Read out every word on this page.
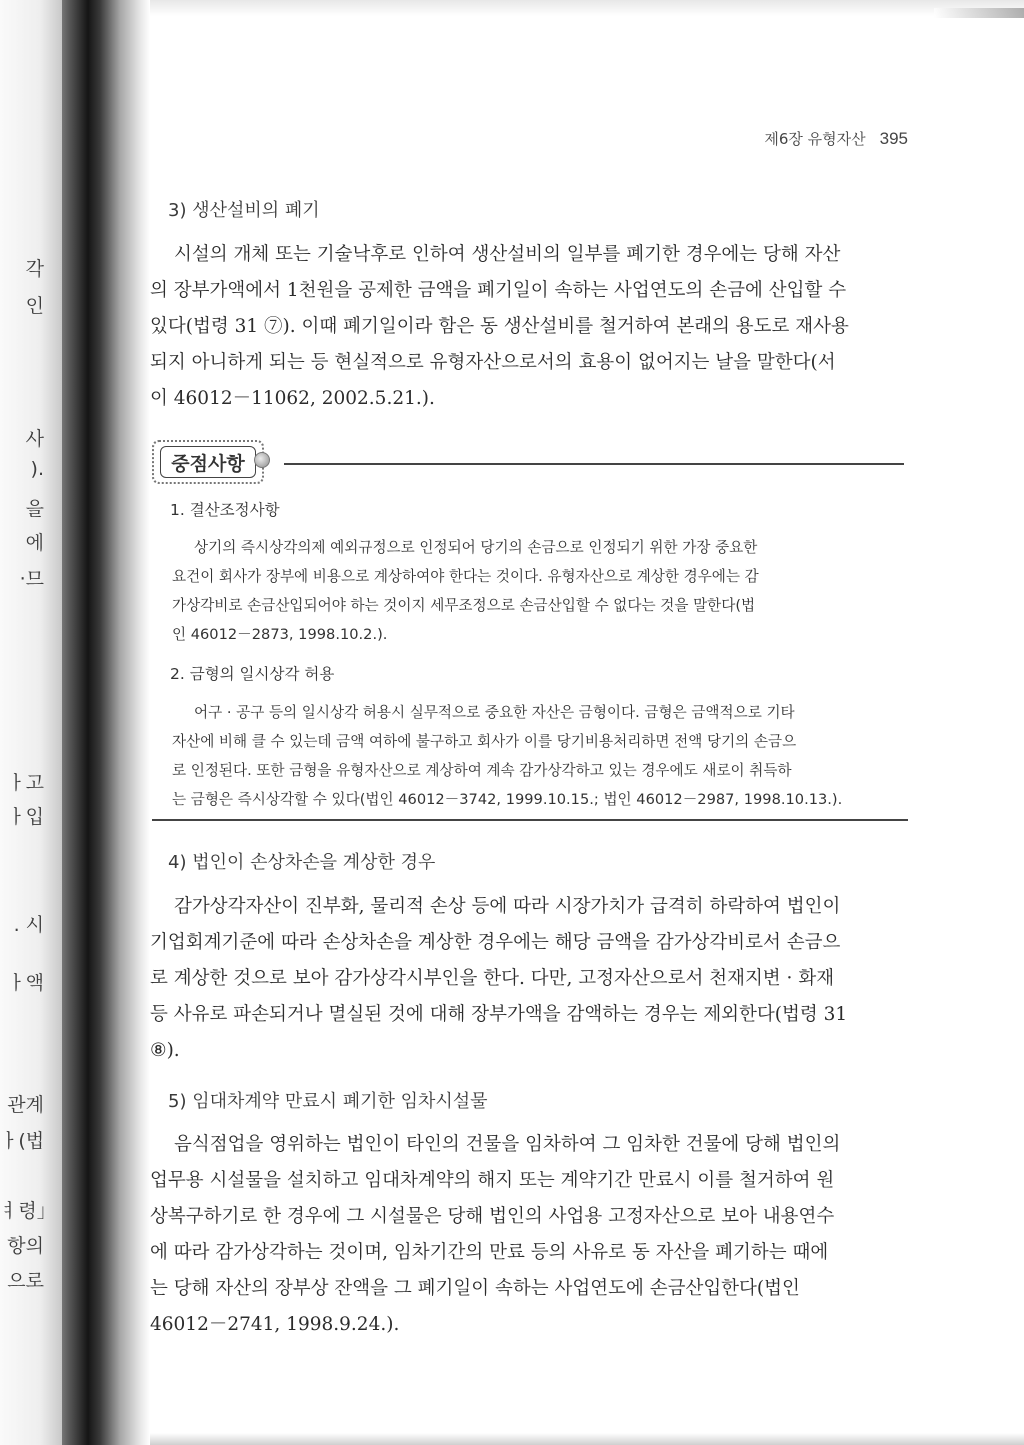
각
인
사
).
을
에
·므
ㅏ고
ㅏ입
. 시
ㅏ액
관계
ㅏ(법
ㅕ령」
항의
으로
제6장 유형자산 395
3) 생산설비의 폐기
시설의 개체 또는 기술낙후로 인하여 생산설비의 일부를 폐기한 경우에는 당해 자산
의 장부가액에서 1천원을 공제한 금액을 폐기일이 속하는 사업연도의 손금에 산입할 수
있다(법령 31 ⑦). 이때 폐기일이라 함은 동 생산설비를 철거하여 본래의 용도로 재사용
되지 아니하게 되는 등 현실적으로 유형자산으로서의 효용이 없어지는 날을 말한다(서
이 46012－11062, 2002.5.21.).
중점사항
1. 결산조정사항
상기의 즉시상각의제 예외규정으로 인정되어 당기의 손금으로 인정되기 위한 가장 중요한
요건이 회사가 장부에 비용으로 계상하여야 한다는 것이다. 유형자산으로 계상한 경우에는 감
가상각비로 손금산입되어야 하는 것이지 세무조정으로 손금산입할 수 없다는 것을 말한다(법
인 46012－2873, 1998.10.2.).
2. 금형의 일시상각 허용
어구 · 공구 등의 일시상각 허용시 실무적으로 중요한 자산은 금형이다. 금형은 금액적으로 기타
자산에 비해 클 수 있는데 금액 여하에 불구하고 회사가 이를 당기비용처리하면 전액 당기의 손금으
로 인정된다. 또한 금형을 유형자산으로 계상하여 계속 감가상각하고 있는 경우에도 새로이 취득하
는 금형은 즉시상각할 수 있다(법인 46012－3742, 1999.10.15.; 법인 46012－2987, 1998.10.13.).
4) 법인이 손상차손을 계상한 경우
감가상각자산이 진부화, 물리적 손상 등에 따라 시장가치가 급격히 하락하여 법인이
기업회계기준에 따라 손상차손을 계상한 경우에는 해당 금액을 감가상각비로서 손금으
로 계상한 것으로 보아 감가상각시부인을 한다. 다만, 고정자산으로서 천재지변 · 화재
등 사유로 파손되거나 멸실된 것에 대해 장부가액을 감액하는 경우는 제외한다(법령 31
⑧).
5) 임대차계약 만료시 폐기한 임차시설물
음식점업을 영위하는 법인이 타인의 건물을 임차하여 그 임차한 건물에 당해 법인의
업무용 시설물을 설치하고 임대차계약의 해지 또는 계약기간 만료시 이를 철거하여 원
상복구하기로 한 경우에 그 시설물은 당해 법인의 사업용 고정자산으로 보아 내용연수
에 따라 감가상각하는 것이며, 임차기간의 만료 등의 사유로 동 자산을 폐기하는 때에
는 당해 자산의 장부상 잔액을 그 폐기일이 속하는 사업연도에 손금산입한다(법인
46012－2741, 1998.9.24.).
